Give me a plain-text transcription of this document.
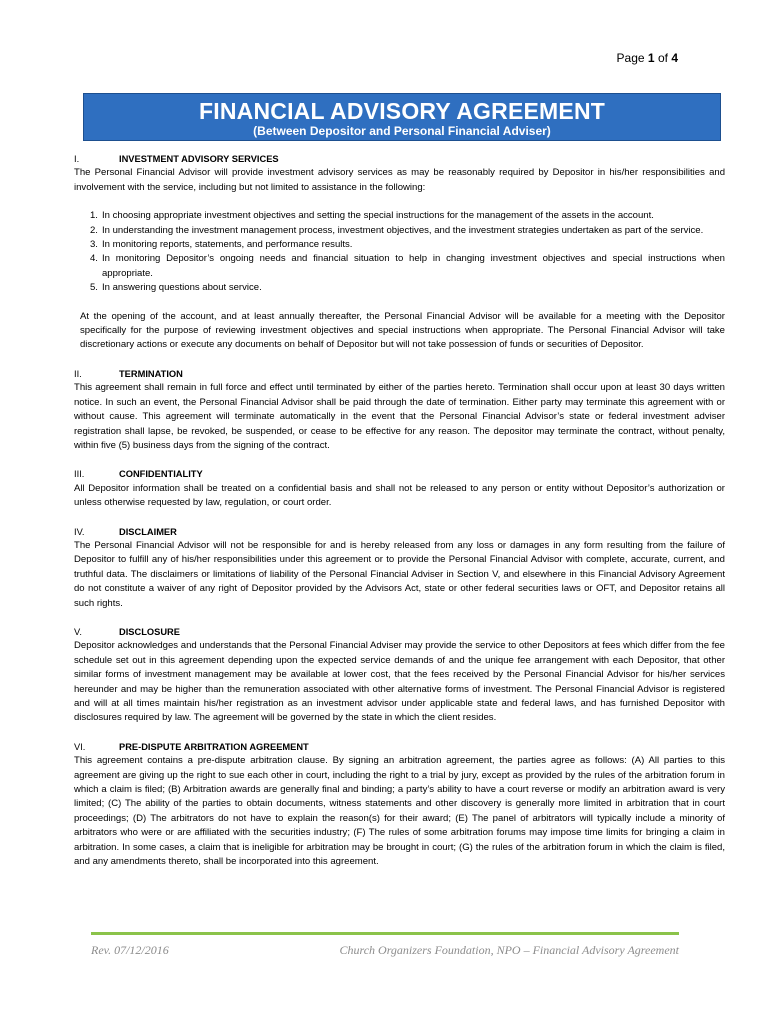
Page 1 of 4
FINANCIAL ADVISORY AGREEMENT
(Between Depositor and Personal Financial Adviser)
I.	INVESTMENT ADVISORY SERVICES

The Personal Financial Advisor will provide investment advisory services as may be reasonably required by Depositor in his/her responsibilities and involvement with the service, including but not limited to assistance in the following:

1. In choosing appropriate investment objectives and setting the special instructions for the management of the assets in the account.
2. In understanding the investment management process, investment objectives, and the investment strategies undertaken as part of the service.
3. In monitoring reports, statements, and performance results.
4. In monitoring Depositor’s ongoing needs and financial situation to help in changing investment objectives and special instructions when appropriate.
5. In answering questions about service.

At the opening of the account, and at least annually thereafter, the Personal Financial Advisor will be available for a meeting with the Depositor specifically for the purpose of reviewing investment objectives and special instructions when appropriate. The Personal Financial Advisor will take discretionary actions or execute any documents on behalf of Depositor but will not take possession of funds or securities of Depositor.

II.	TERMINATION

This agreement shall remain in full force and effect until terminated by either of the parties hereto. Termination shall occur upon at least 30 days written notice. In such an event, the Personal Financial Advisor shall be paid through the date of termination. Either party may terminate this agreement with or without cause. This agreement will terminate automatically in the event that the Personal Financial Advisor’s state or federal investment adviser registration shall lapse, be revoked, be suspended, or cease to be effective for any reason. The depositor may terminate the contract, without penalty, within five (5) business days from the signing of the contract.

III.	CONFIDENTIALITY

All Depositor information shall be treated on a confidential basis and shall not be released to any person or entity without Depositor’s authorization or unless otherwise requested by law, regulation, or court order.

IV.	DISCLAIMER

The Personal Financial Advisor will not be responsible for and is hereby released from any loss or damages in any form resulting from the failure of Depositor to fulfill any of his/her responsibilities under this agreement or to provide the Personal Financial Advisor with complete, accurate, current, and truthful data. The disclaimers or limitations of liability of the Personal Financial Adviser in Section V, and elsewhere in this Financial Advisory Agreement do not constitute a waiver of any right of Depositor provided by the Advisors Act, state or other federal securities laws or OFT, and Depositor retains all such rights.

V.	DISCLOSURE

Depositor acknowledges and understands that the Personal Financial Adviser may provide the service to other Depositors at fees which differ from the fee schedule set out in this agreement depending upon the expected service demands of and the unique fee arrangement with each Depositor, that other similar forms of investment management may be available at lower cost, that the fees received by the Personal Financial Advisor for his/her services hereunder and may be higher than the remuneration associated with other alternative forms of investment. The Personal Financial Advisor is registered and will at all times maintain his/her registration as an investment advisor under applicable state and federal laws, and has furnished Depositor with disclosures required by law. The agreement will be governed by the state in which the client resides.

VI.	PRE-DISPUTE ARBITRATION AGREEMENT

This agreement contains a pre-dispute arbitration clause. By signing an arbitration agreement, the parties agree as follows: (A) All parties to this agreement are giving up the right to sue each other in court, including the right to a trial by jury, except as provided by the rules of the arbitration forum in which a claim is filed; (B) Arbitration awards are generally final and binding; a party’s ability to have a court reverse or modify an arbitration award is very limited; (C) The ability of the parties to obtain documents, witness statements and other discovery is generally more limited in arbitration that in court proceedings; (D) The arbitrators do not have to explain the reason(s) for their award; (E) The panel of arbitrators will typically include a minority of arbitrators who were or are affiliated with the securities industry; (F) The rules of some arbitration forums may impose time limits for bringing a claim in arbitration. In some cases, a claim that is ineligible for arbitration may be brought in court; (G) the rules of the arbitration forum in which the claim is filed, and any amendments thereto, shall be incorporated into this agreement.

Rev. 07/12/2016	Church Organizers Foundation, NPO – Financial Advisory Agreement
